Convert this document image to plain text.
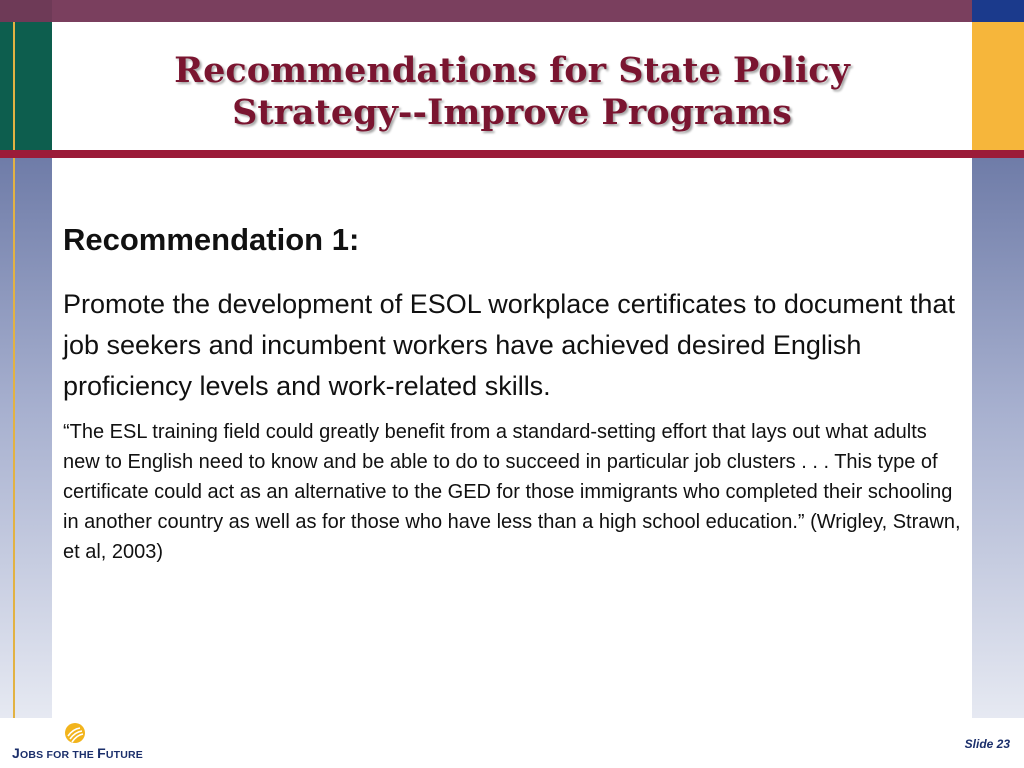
Recommendations for State Policy
Strategy--Improve Programs

Recommendation 1:

Promote the development of ESOL workplace certificates to document that job seekers and incumbent workers have achieved desired English proficiency levels and work-related skills.

“The ESL training field could greatly benefit from a standard-setting effort that lays out what adults new to English need to know and be able to do to succeed in particular job clusters . . . This type of certificate could act as an alternative to the GED for those immigrants who completed their schooling in another country as well as for those who have less than a high school education.” (Wrigley, Strawn, et al, 2003)

JOBS FOR THE FUTURE
Slide 23
